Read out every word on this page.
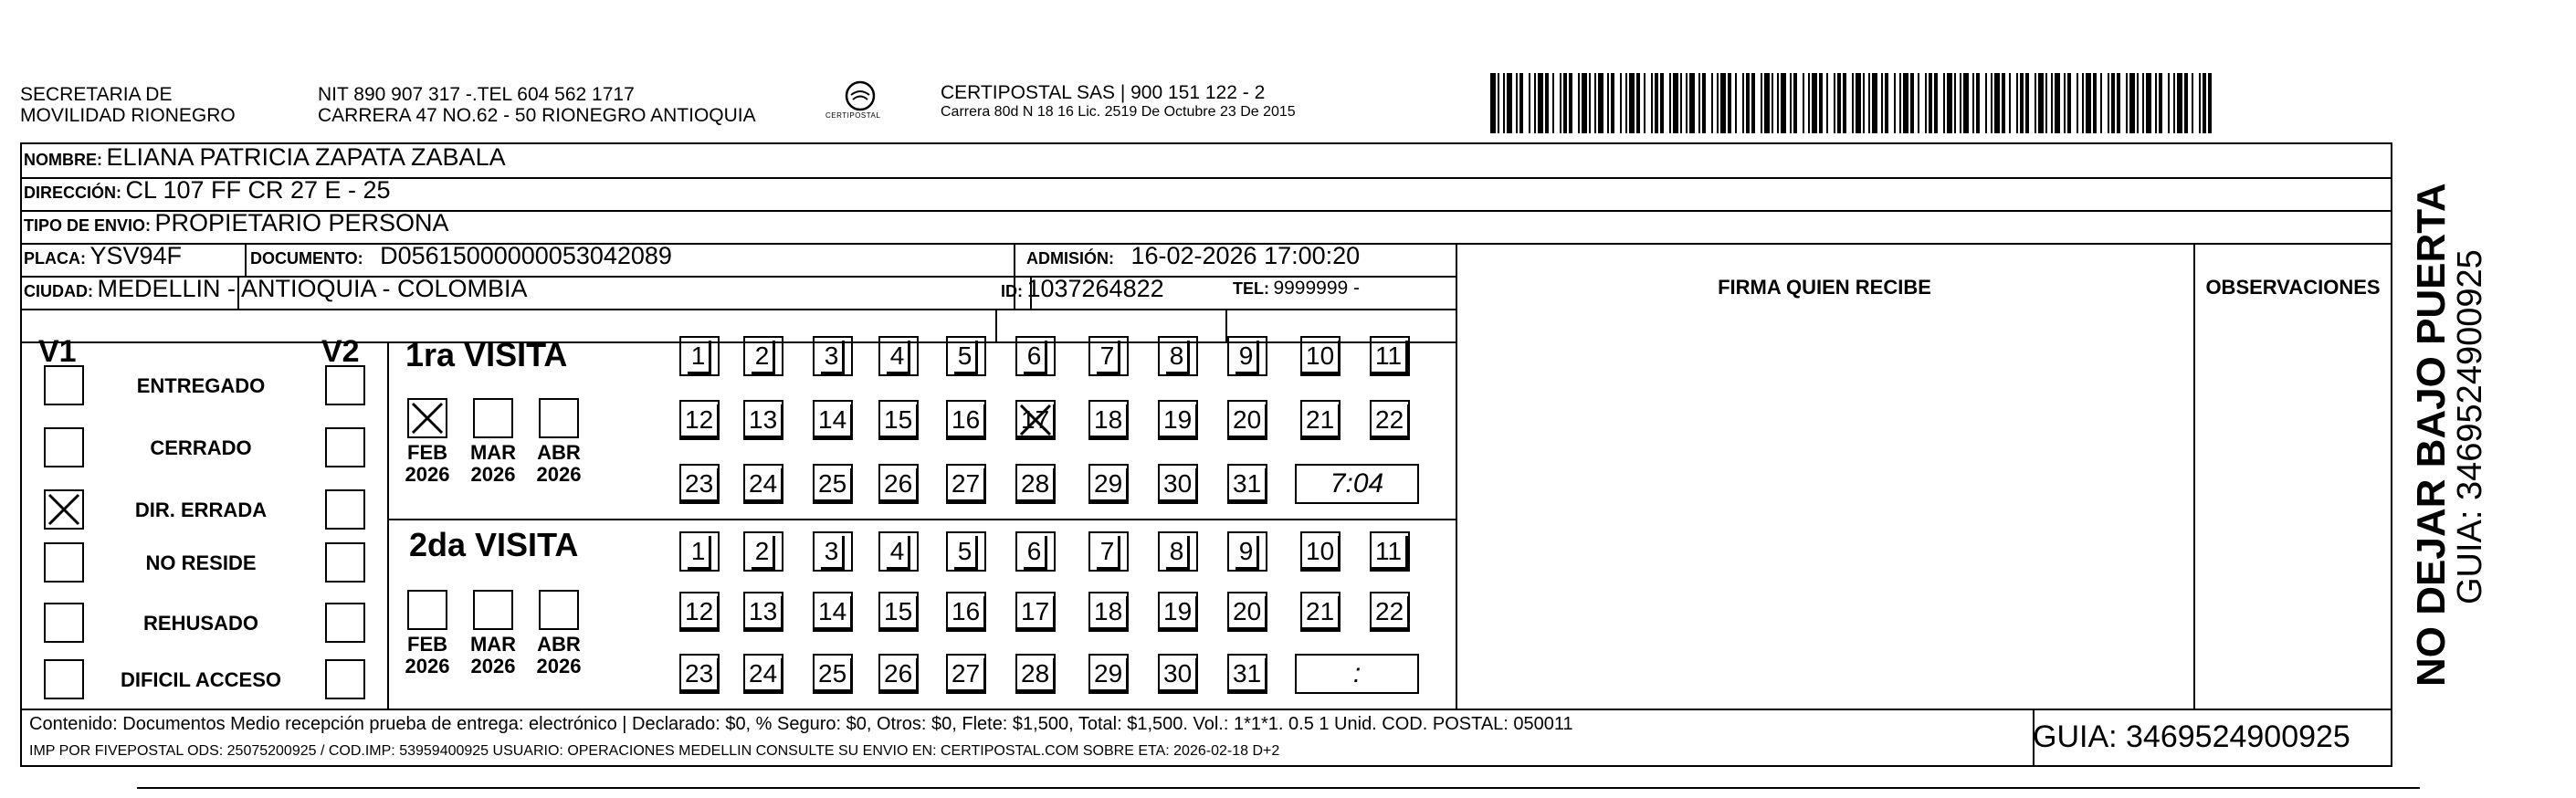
SECRETARIA DE
MOVILIDAD RIONEGRO
NIT 890 907 317 -.TEL 604 562 1717
CARRERA 47 NO.62 - 50 RIONEGRO ANTIOQUIA	CERTIPOSTAL
CERTIPOSTAL SAS | 900 151 122 - 2
Carrera 80d N 18 16 Lic. 2519 De Octubre 23 De 2015
NOMBRE: ELIANA PATRICIA ZAPATA ZABALA
DIRECCIÓN: CL 107 FF CR 27 E - 25
TIPO DE ENVIO: PROPIETARIO PERSONA
PLACA: YSV94F	DOCUMENTO: D05615000000053042089	ADMISIÓN: 16-02-2026 17:00:20
CIUDAD: MEDELLIN - ANTIOQUIA - COLOMBIA	ID: 1037264822	TEL: 9999999 -	FIRMA QUIEN RECIBE	OBSERVACIONES
V1	V2
ENTREGADO
CERRADO
DIR. ERRADA
NO RESIDE
REHUSADO
DIFICIL ACCESO
1ra VISITA
2da VISITA
FEB
2026
MAR
2026
ABR
2026
1	2	3	4	5	6	7	8	9	10 11
12 13 14 15 16 17 18 19 20 21 22
23 24 25 26 27 28 29 30 31	7:04
FEB
2026
MAR
2026
ABR
2026
1	2	3	4	5	6	7	8	9	10 11
12 13 14 15 16 17 18 19 20 21 22
23 24 25 26 27 28 29 30 31	:
Contenido: Documentos Medio recepción prueba de entrega: electrónico | Declarado: $0, % Seguro: $0, Otros: $0, Flete: $1,500, Total: $1,500. Vol.: 1*1*1. 0.5 1 Unid. COD. POSTAL: 050011
IMP POR FIVEPOSTAL ODS: 25075200925 / COD.IMP: 53959400925 USUARIO: OPERACIONES MEDELLIN CONSULTE SU ENVIO EN: CERTIPOSTAL.COM SOBRE ETA: 2026-02-18 D+2	GUIA: 3469524900925
NO DEJAR BAJO PUERTA
GUIA: 3469524900925
